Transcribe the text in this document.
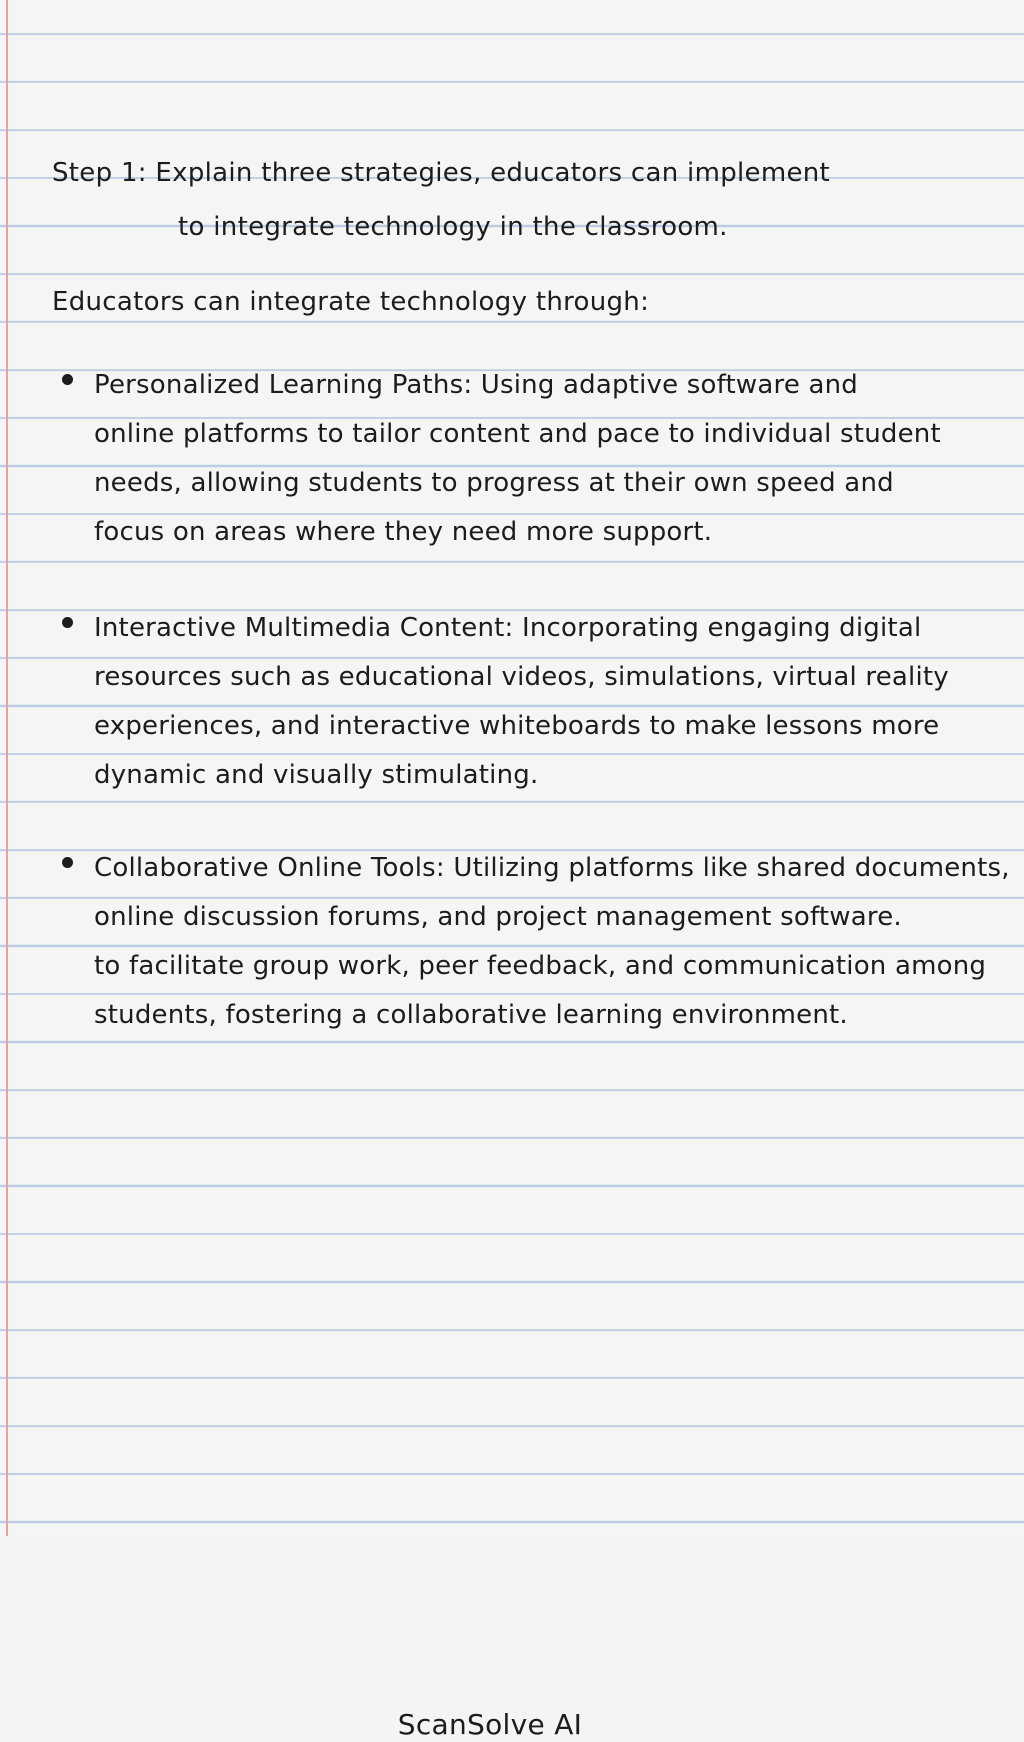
Step 1: Explain three strategies, educators can implement
to integrate technology in the classroom.

Educators can integrate technology through:

Personalized Learning Paths: Using adaptive software and
online platforms to tailor content and pace to individual student
needs, allowing students to progress at their own speed and
focus on areas where they need more support.
Interactive Multimedia Content: Incorporating engaging digital
resources such as educational videos, simulations, virtual reality
experiences, and interactive whiteboards to make lessons more
dynamic and visually stimulating.
Collaborative Online Tools: Utilizing platforms like shared documents,
online discussion forums, and project management software.
to facilitate group work, peer feedback, and communication among
students, fostering a collaborative learning environment.
ScanSolve AI
